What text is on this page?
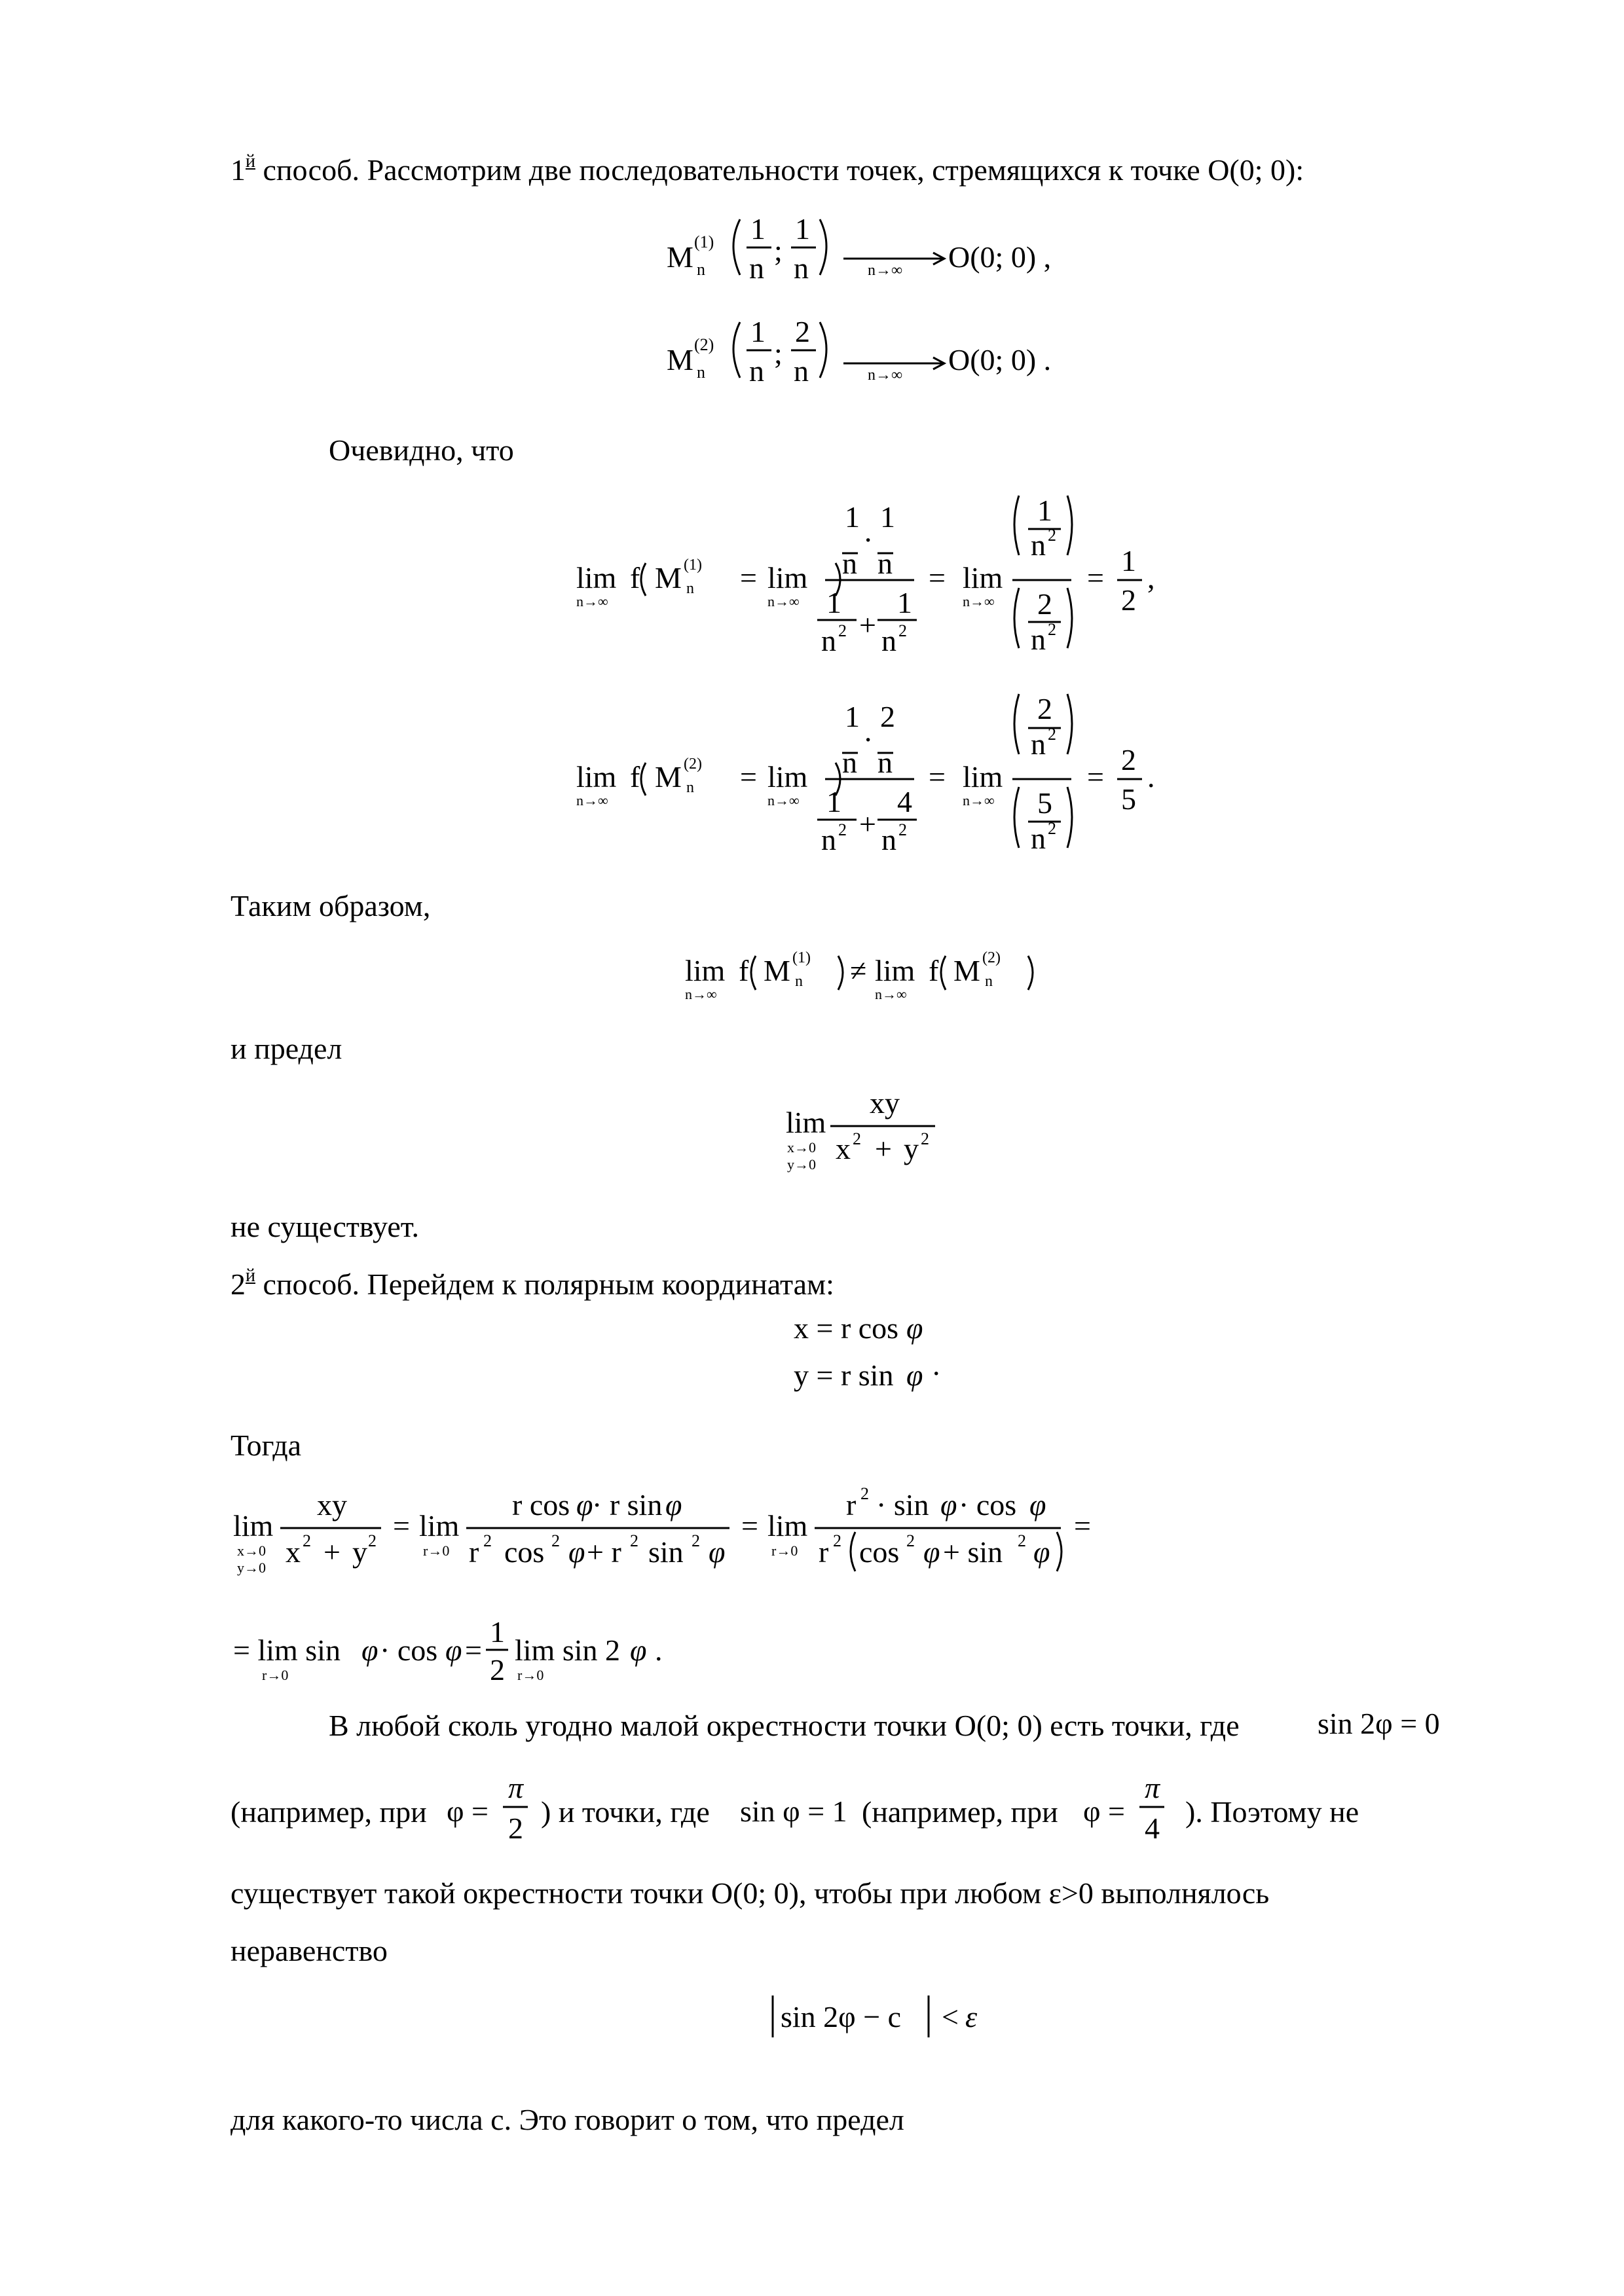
$1^й$ способ. Рассмотрим две последовательности точек, стремящихся к точке O(0; 0):
Очевидно, что
Таким образом,
и предел
не существует.
$2^й$ способ. Перейдем к полярным координатам:
Тогда
В любой сколь угодно малой окрестности точки O(0; 0) есть точки, где
(например, при	) и точки, где	(например, при	). Поэтому не
существует такой окрестности точки O(0; 0), чтобы при любом ε>0 выполнялось
неравенство
для какого-то числа c. Это говорит о том, что предел
M (1)
n
1
n
;
1
n	n→∞ O(0; 0) ,
M (2)
n
1
n
;
2
n	n→∞ O(0; 0) .
lim
n→∞
f M (1)
n = lim
n→∞
1
n
·
1
n
1
n 2 +
1
n 2
= lim
n→∞
1
n 2
2
n 2
=
1
2
,
lim
n→∞
f M (2)
n = lim
n→∞
1
n
·
2
n
1
n 2 +
4
n 2
= lim
n→∞
2
n 2
5
n 2
=
2
5
.
lim
n→∞
f M (1)
n ≠ lim
n→∞
f M (2)
n
lim
x→0
y→0
xy
x 2 + y 2
x = r cos φ
y = r sin φ .
lim
x→0
y→0
xy
x 2 + y 2 = lim
r→0
r cos φ
· r sin φ
r 2 cos 2 φ + r 2 sin 2 φ
= lim
r→0
r 2 · sin φ · cos φ
r 2 cos 2 φ + sin 2 φ
=
= lim sin φ · cos φ =
1
2
lim sin 2 φ .
r→0	r→0
sin 2φ = 0
φ =
π
2
sin φ = 1	φ =
π
4
sin 2φ − c < ε
